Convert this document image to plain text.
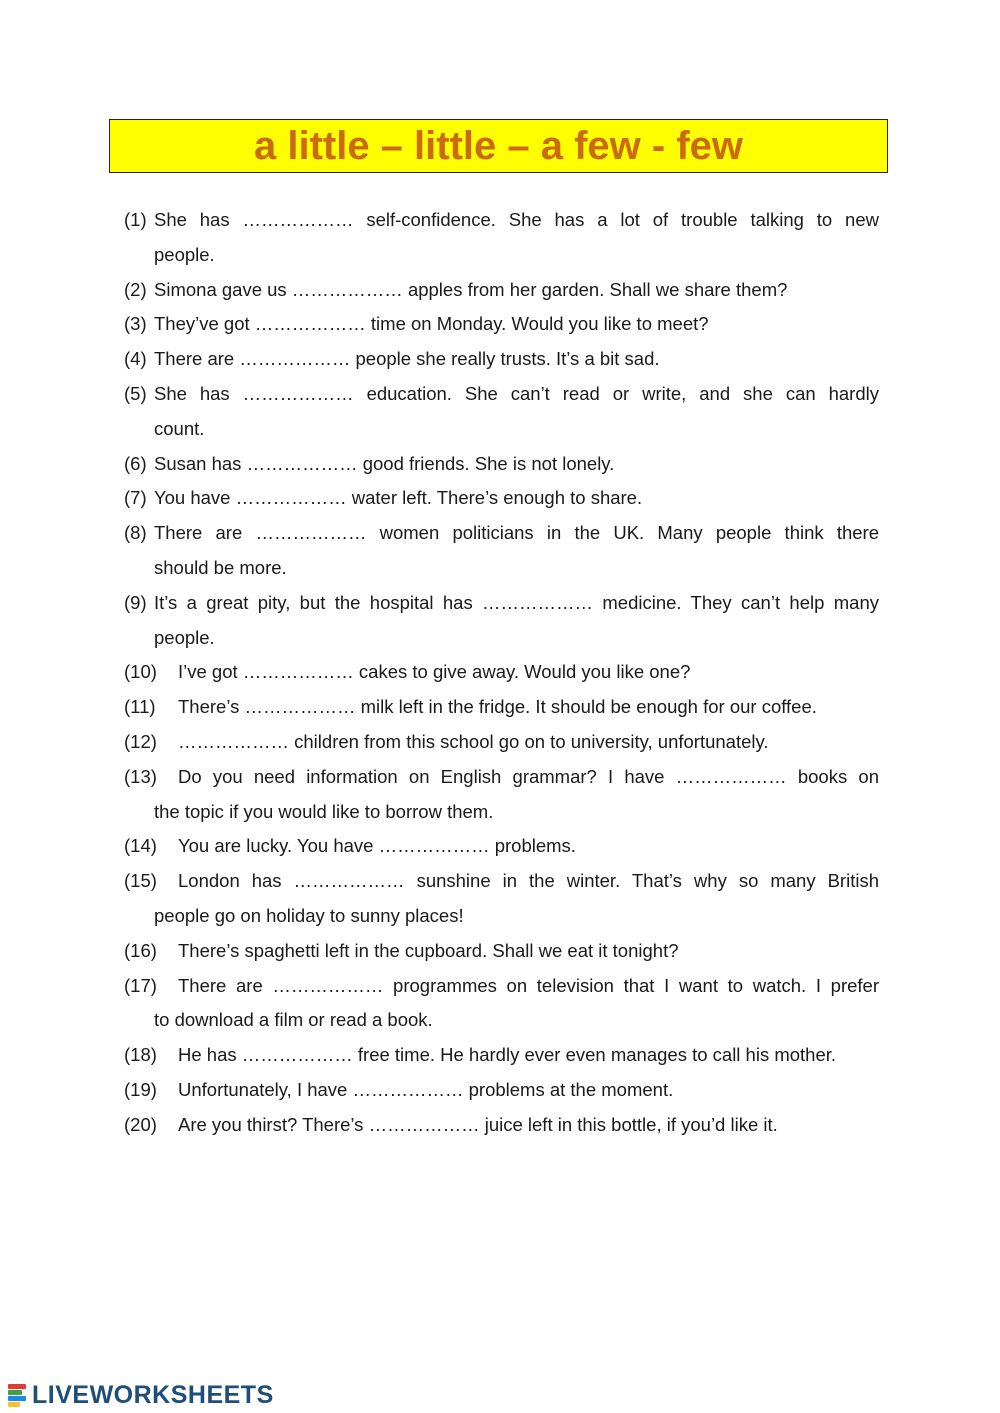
a little – little – a few - few
(1) She has ……………… self-confidence. She has a lot of trouble talking to new
people.
(2) Simona gave us ……………… apples from her garden. Shall we share them?
(3) They’ve got ……………… time on Monday. Would you like to meet?
(4) There are ……………… people she really trusts. It’s a bit sad.
(5) She has ……………… education. She can’t read or write, and she can hardly
count.
(6) Susan has ……………… good friends. She is not lonely.
(7) You have ……………… water left. There’s enough to share.
(8) There are ……………… women politicians in the UK. Many people think there
should be more.
(9) It’s a great pity, but the hospital has ……………… medicine. They can’t help many
people.
(10)	I’ve got ……………… cakes to give away. Would you like one?
(11)	There’s ……………… milk left in the fridge. It should be enough for our coffee.
(12)	……………… children from this school go on to university, unfortunately.
(13)	Do you need information on English grammar? I have ……………… books on
the topic if you would like to borrow them.
(14)	You are lucky. You have ……………… problems.
(15)	London has ……………… sunshine in the winter. That’s why so many British
people go on holiday to sunny places!
(16)	There’s spaghetti left in the cupboard. Shall we eat it tonight?
(17)	There are ……………… programmes on television that I want to watch. I prefer
to download a film or read a book.
(18)	He has ……………… free time. He hardly ever even manages to call his mother.
(19)	Unfortunately, I have ……………… problems at the moment.
(20)	Are you thirst? There’s ……………… juice left in this bottle, if you’d like it.
LIVEWORKSHEETS
